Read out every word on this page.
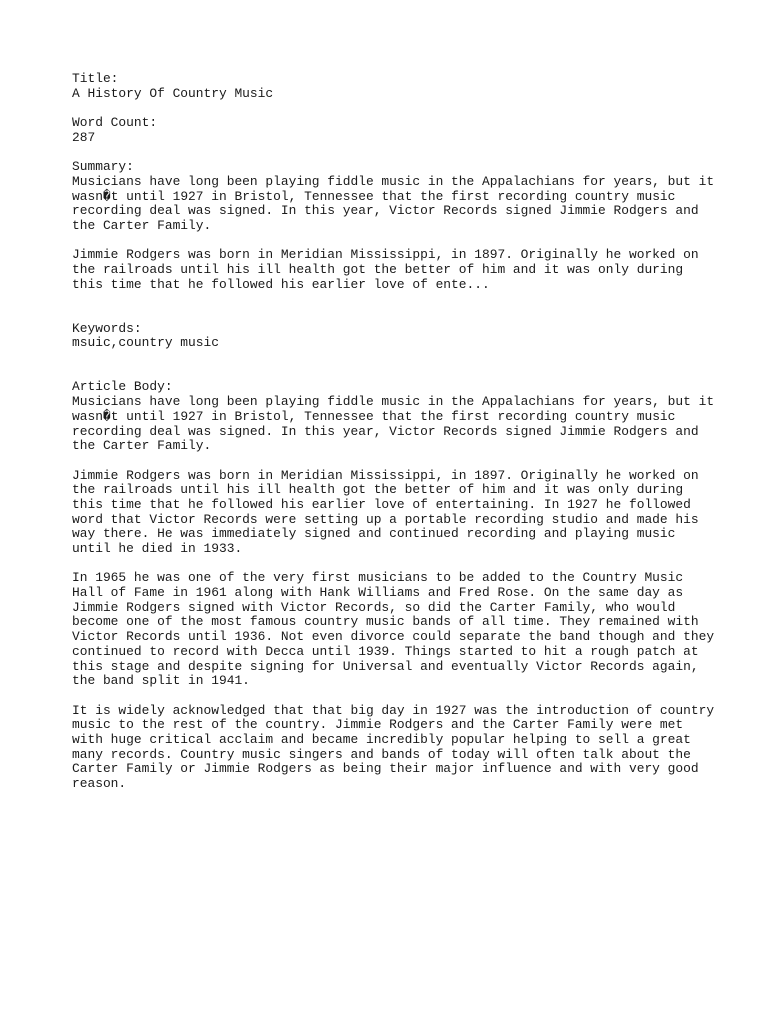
Title:
A History Of Country Music
Word Count:
287
Summary:
Musicians have long been playing fiddle music in the Appalachians for years, but it
wasn�t until 1927 in Bristol, Tennessee that the first recording country music
recording deal was signed. In this year, Victor Records signed Jimmie Rodgers and
the Carter Family.
Jimmie Rodgers was born in Meridian Mississippi, in 1897. Originally he worked on
the railroads until his ill health got the better of him and it was only during
this time that he followed his earlier love of ente...
Keywords:
msuic,country music
Article Body:
Musicians have long been playing fiddle music in the Appalachians for years, but it
wasn�t until 1927 in Bristol, Tennessee that the first recording country music
recording deal was signed. In this year, Victor Records signed Jimmie Rodgers and
the Carter Family.
Jimmie Rodgers was born in Meridian Mississippi, in 1897. Originally he worked on
the railroads until his ill health got the better of him and it was only during
this time that he followed his earlier love of entertaining. In 1927 he followed
word that Victor Records were setting up a portable recording studio and made his
way there. He was immediately signed and continued recording and playing music
until he died in 1933.
In 1965 he was one of the very first musicians to be added to the Country Music
Hall of Fame in 1961 along with Hank Williams and Fred Rose. On the same day as
Jimmie Rodgers signed with Victor Records, so did the Carter Family, who would
become one of the most famous country music bands of all time. They remained with
Victor Records until 1936. Not even divorce could separate the band though and they
continued to record with Decca until 1939. Things started to hit a rough patch at
this stage and despite signing for Universal and eventually Victor Records again,
the band split in 1941.
It is widely acknowledged that that big day in 1927 was the introduction of country
music to the rest of the country. Jimmie Rodgers and the Carter Family were met
with huge critical acclaim and became incredibly popular helping to sell a great
many records. Country music singers and bands of today will often talk about the
Carter Family or Jimmie Rodgers as being their major influence and with very good
reason.
